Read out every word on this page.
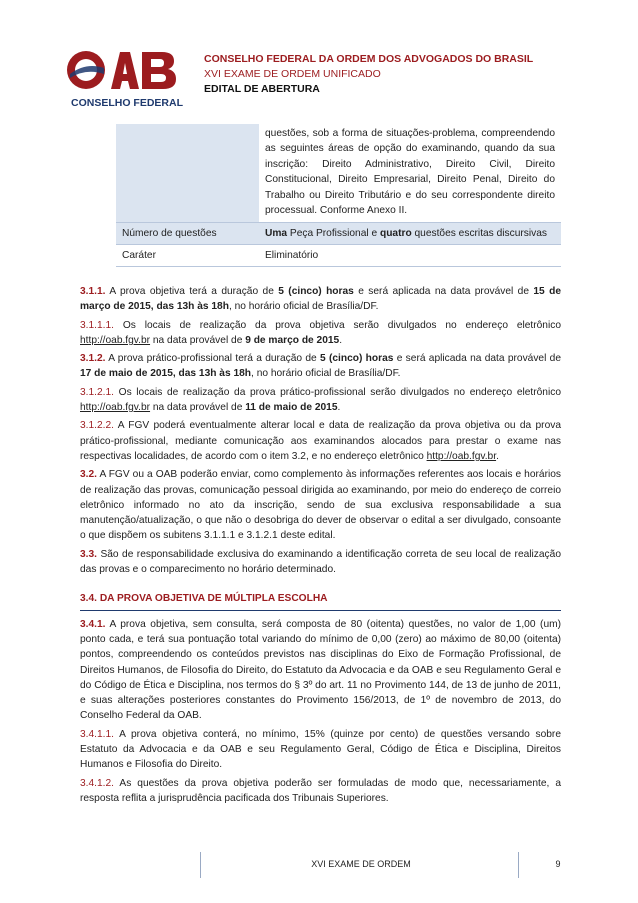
CONSELHO FEDERAL
CONSELHO FEDERAL DA ORDEM DOS ADVOGADOS DO BRASIL
XVI EXAME DE ORDEM UNIFICADO
EDITAL DE ABERTURA
questões, sob a forma de situações-problema, compreendendo as seguintes áreas de opção do examinando, quando da sua inscrição: Direito Administrativo, Direito Civil, Direito Constitucional, Direito Empresarial, Direito Penal, Direito do Trabalho ou Direito Tributário e do seu correspondente direito processual. Conforme Anexo II.
Número de questões	Uma Peça Profissional e quatro questões escritas discursivas
Caráter	Eliminatório

3.1.1. A prova objetiva terá a duração de 5 (cinco) horas e será aplicada na data provável de 15 de março de 2015, das 13h às 18h, no horário oficial de Brasília/DF.

3.1.1.1. Os locais de realização da prova objetiva serão divulgados no endereço eletrônico http://oab.fgv.br na data provável de 9 de março de 2015.

3.1.2. A prova prático-profissional terá a duração de 5 (cinco) horas e será aplicada na data provável de 17 de maio de 2015, das 13h às 18h, no horário oficial de Brasília/DF.

3.1.2.1. Os locais de realização da prova prático-profissional serão divulgados no endereço eletrônico http://oab.fgv.br na data provável de 11 de maio de 2015.

3.1.2.2. A FGV poderá eventualmente alterar local e data de realização da prova objetiva ou da prova prático-profissional, mediante comunicação aos examinandos alocados para prestar o exame nas respectivas localidades, de acordo com o item 3.2, e no endereço eletrônico http://oab.fgv.br.

3.2. A FGV ou a OAB poderão enviar, como complemento às informações referentes aos locais e horários de realização das provas, comunicação pessoal dirigida ao examinando, por meio do endereço de correio eletrônico informado no ato da inscrição, sendo de sua exclusiva responsabilidade a sua manutenção/atualização, o que não o desobriga do dever de observar o edital a ser divulgado, consoante o que dispõem os subitens 3.1.1.1 e 3.1.2.1 deste edital.

3.3. São de responsabilidade exclusiva do examinando a identificação correta de seu local de realização das provas e o comparecimento no horário determinado.

3.4. DA PROVA OBJETIVA DE MÚLTIPLA ESCOLHA

3.4.1. A prova objetiva, sem consulta, será composta de 80 (oitenta) questões, no valor de 1,00 (um) ponto cada, e terá sua pontuação total variando do mínimo de 0,00 (zero) ao máximo de 80,00 (oitenta) pontos, compreendendo os conteúdos previstos nas disciplinas do Eixo de Formação Profissional, de Direitos Humanos, de Filosofia do Direito, do Estatuto da Advocacia e da OAB e seu Regulamento Geral e do Código de Ética e Disciplina, nos termos do § 3º do art. 11 no Provimento 144, de 13 de junho de 2011, e suas alterações posteriores constantes do Provimento 156/2013, de 1º de novembro de 2013, do Conselho Federal da OAB.

3.4.1.1. A prova objetiva conterá, no mínimo, 15% (quinze por cento) de questões versando sobre Estatuto da Advocacia e da OAB e seu Regulamento Geral, Código de Ética e Disciplina, Direitos Humanos e Filosofia do Direito.

3.4.1.2. As questões da prova objetiva poderão ser formuladas de modo que, necessariamente, a resposta reflita a jurisprudência pacificada dos Tribunais Superiores.

XVI EXAME DE ORDEM	9
